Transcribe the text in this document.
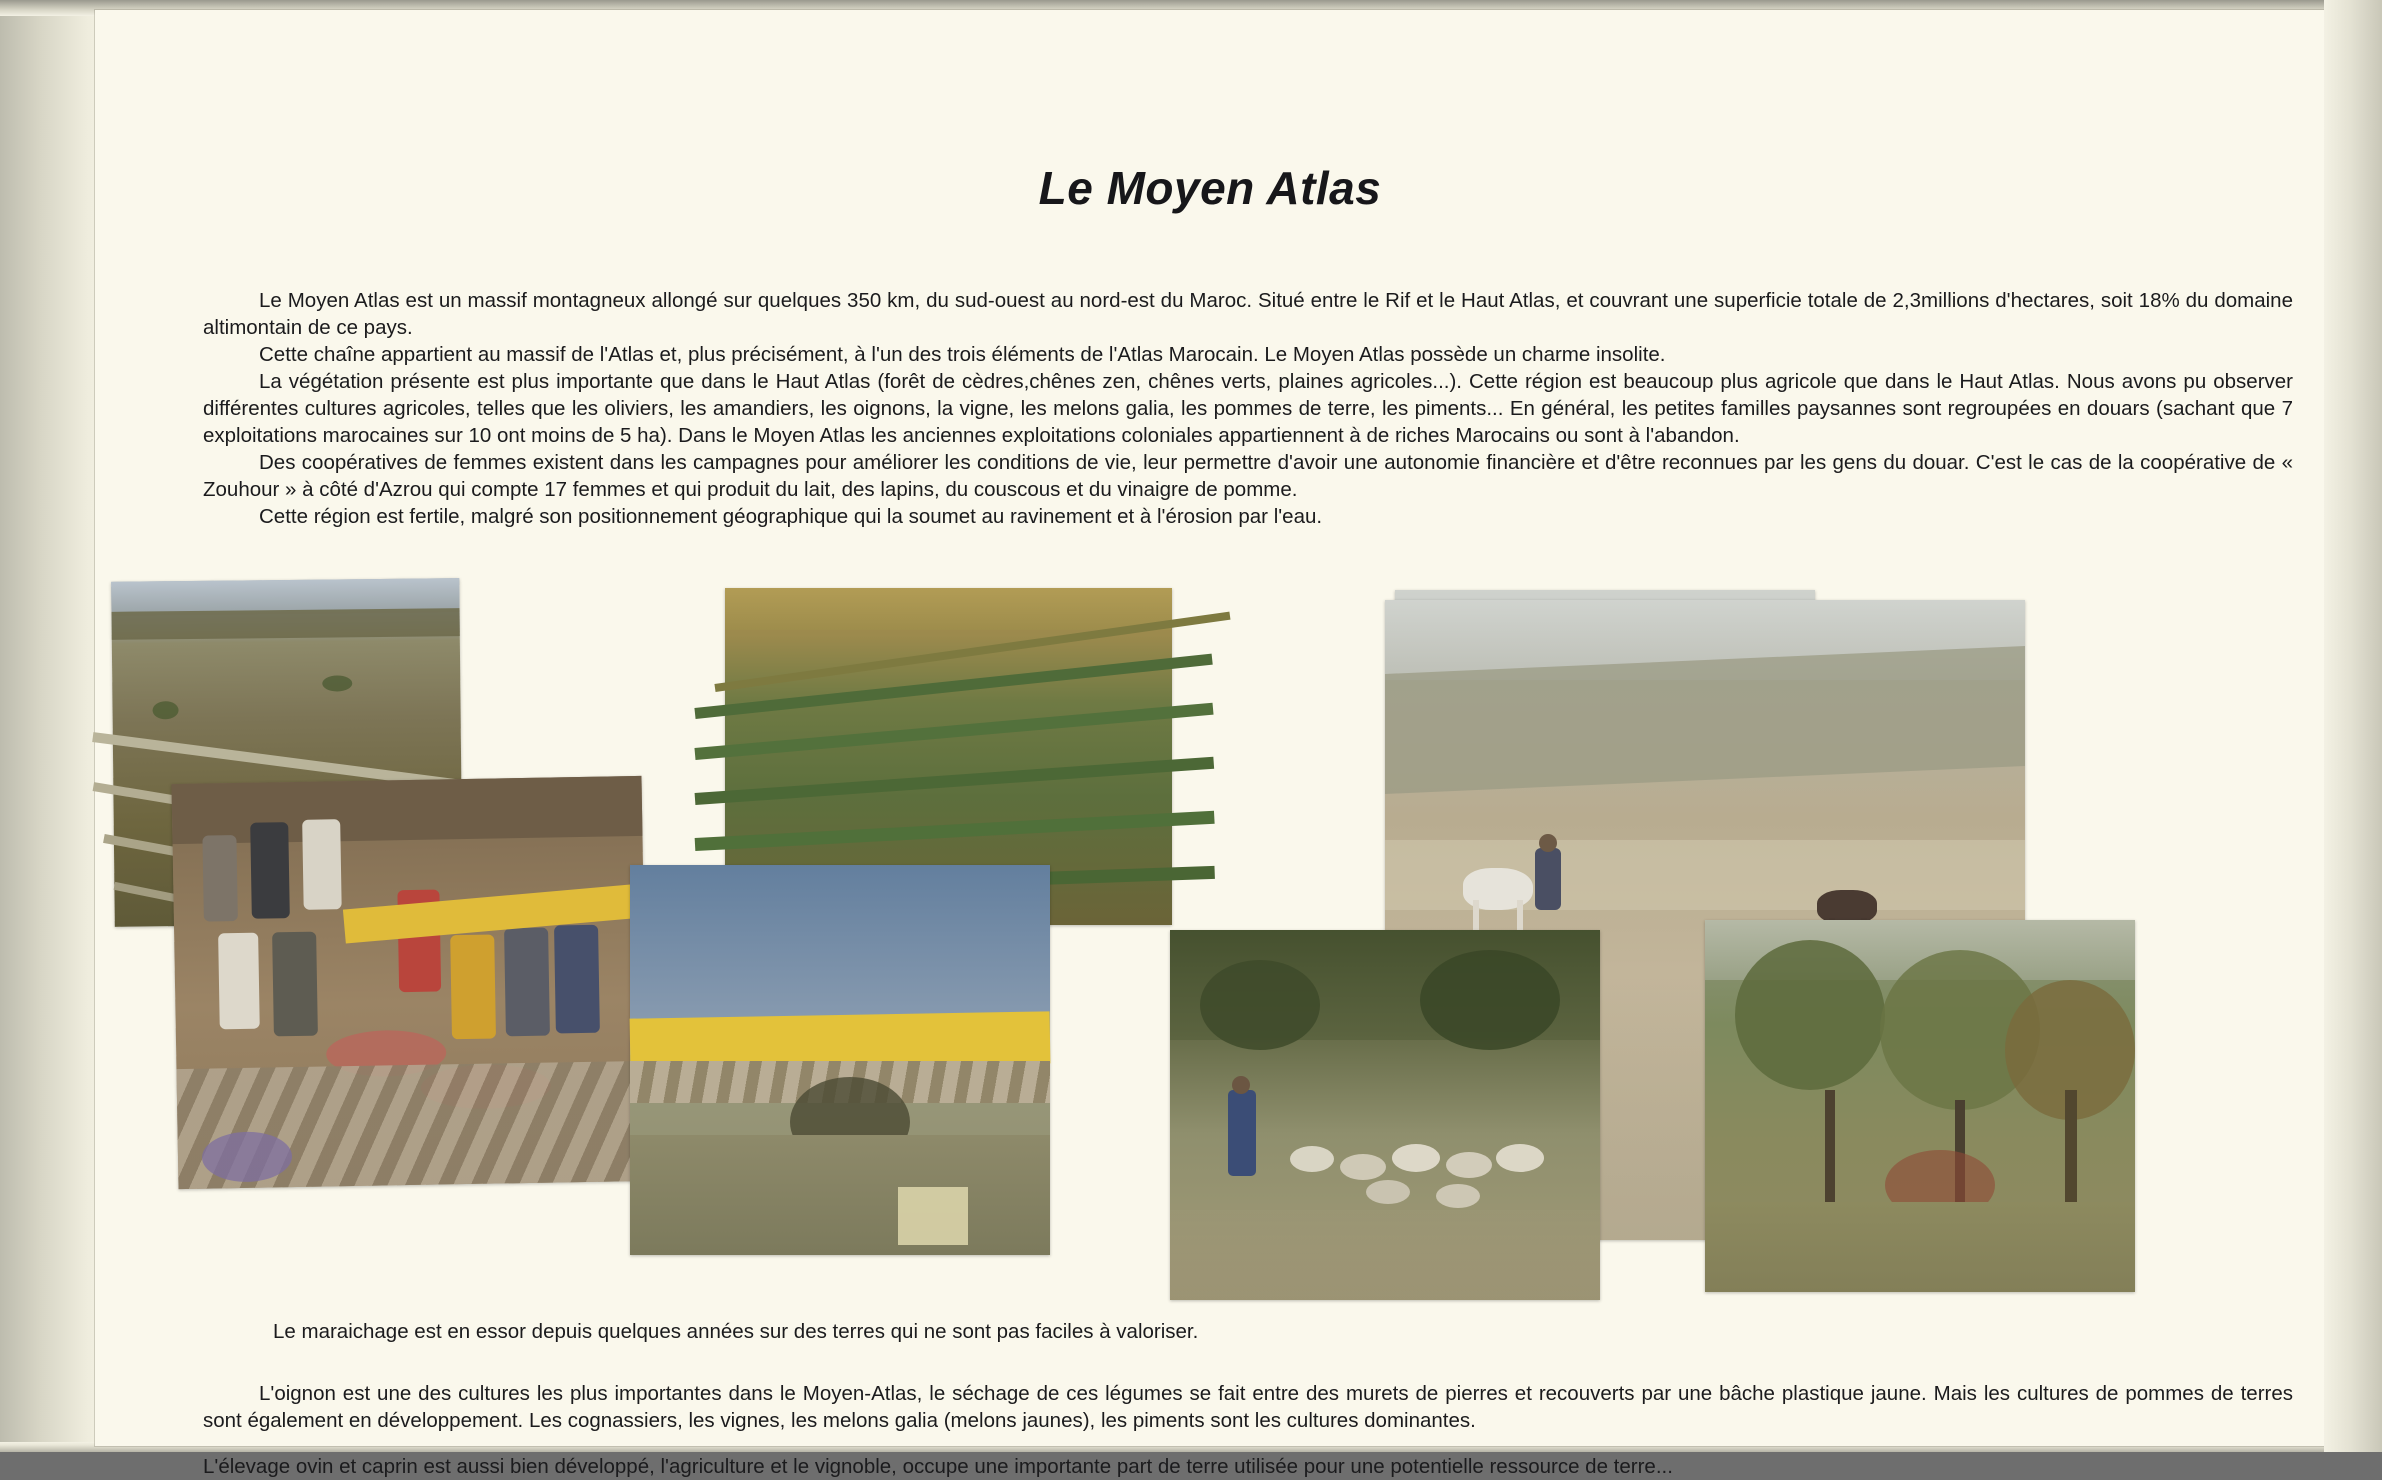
Le Moyen Atlas

Le Moyen Atlas est un massif montagneux allongé sur quelques 350 km, du sud-ouest au nord-est du Maroc. Situé entre le Rif et le Haut Atlas, et couvrant une superficie totale de 2,3millions d'hectares, soit 18% du domaine altimontain de ce pays.

Cette chaîne appartient au massif de l'Atlas et, plus précisément, à l'un des trois éléments de l'Atlas Marocain. Le Moyen Atlas possède un charme insolite.

La végétation présente est plus importante que dans le Haut Atlas (forêt de cèdres,chênes zen, chênes verts, plaines agricoles...). Cette région est beaucoup plus agricole que dans le Haut Atlas. Nous avons pu observer différentes cultures agricoles, telles que les oliviers, les amandiers, les oignons, la vigne, les melons galia, les pommes de terre, les piments... En général, les petites familles paysannes sont regroupées en douars (sachant que 7 exploitations marocaines sur 10 ont moins de 5 ha). Dans le Moyen Atlas les anciennes exploitations coloniales appartiennent à de riches Marocains ou sont à l'abandon.

Des coopératives de femmes existent dans les campagnes pour améliorer les conditions de vie, leur permettre d'avoir une autonomie financière et d'être reconnues par les gens du douar. C'est le cas de la coopérative de « Zouhour » à côté d'Azrou qui compte 17 femmes et qui produit du lait, des lapins, du couscous et du vinaigre de pomme.

Cette région est fertile, malgré son positionnement géographique qui la soumet au ravinement et à l'érosion par l'eau.

Le maraichage est en essor depuis quelques années sur des terres qui ne sont pas faciles à valoriser.

L'oignon est une des cultures les plus importantes dans le Moyen-Atlas, le séchage de ces légumes se fait entre des murets de pierres et recouverts par une bâche plastique jaune. Mais les cultures de pommes de terres sont également en développement. Les cognassiers, les vignes, les melons galia (melons jaunes), les piments sont les cultures dominantes.

L'élevage ovin et caprin est aussi bien développé, l'agriculture et le vignoble, occupe une importante part de terre utilisée pour une potentielle ressource de terre...
